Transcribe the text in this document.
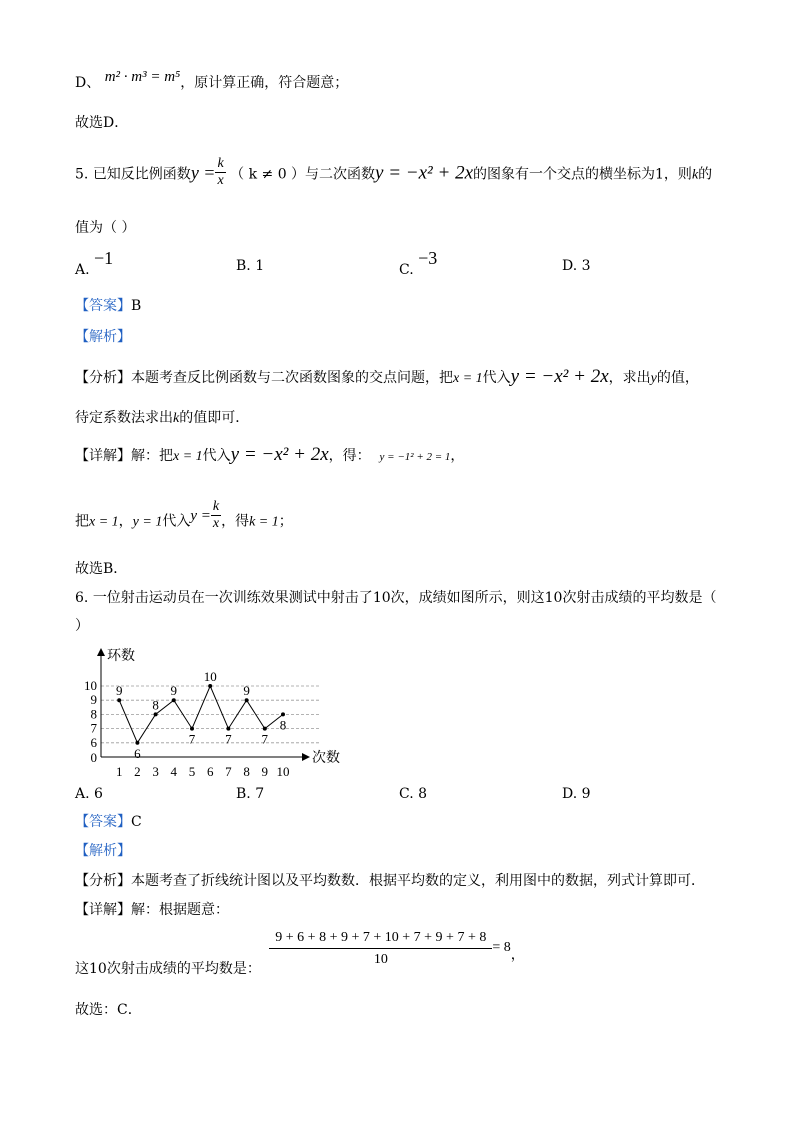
D、 m² · m³ = m⁵，原计算正确，符合题意；
故选D．
5. 已知反比例函数$y = \frac{k}{x}$ （ k ≠ 0 ）与二次函数y = −x² + 2x的图象有一个交点的横坐标为1，则k的
值为（ ）
A. −1	B. 1	C. −3	D. 3
【答案】B
【解析】
【分析】本题考查反比例函数与二次函数图象的交点问题，把x = 1代入y = −x² + 2x，求出y的值，
待定系数法求出k的值即可．
【详解】解：把x = 1代入y = −x² + 2x，得： y = −1² + 2 = 1，
把x = 1，y = 1代入$y = \frac{k}{x}$ ，得k = 1；
故选B．
6. 一位射击运动员在一次训练效果测试中射击了10次，成绩如图所示，则这10次射击成绩的平均数是（
）
环数
次数
0
6
7
8
9
10
1 2 3 4 5 6 7 8 9 10
9
6
8
9
7
10
7
9
7
8
A. 6	B. 7	C. 8	D. 9
【答案】C
【解析】
【分析】本题考查了折线统计图以及平均数数．根据平均数的定义，利用图中的数据，列式计算即可．
【详解】解：根据题意：
这10次射击成绩的平均数是：
$\frac{9 + 6 + 8 + 9 + 7 + 10 + 7 + 9 + 7 + 8}{10} = 8$，
故选：C．
